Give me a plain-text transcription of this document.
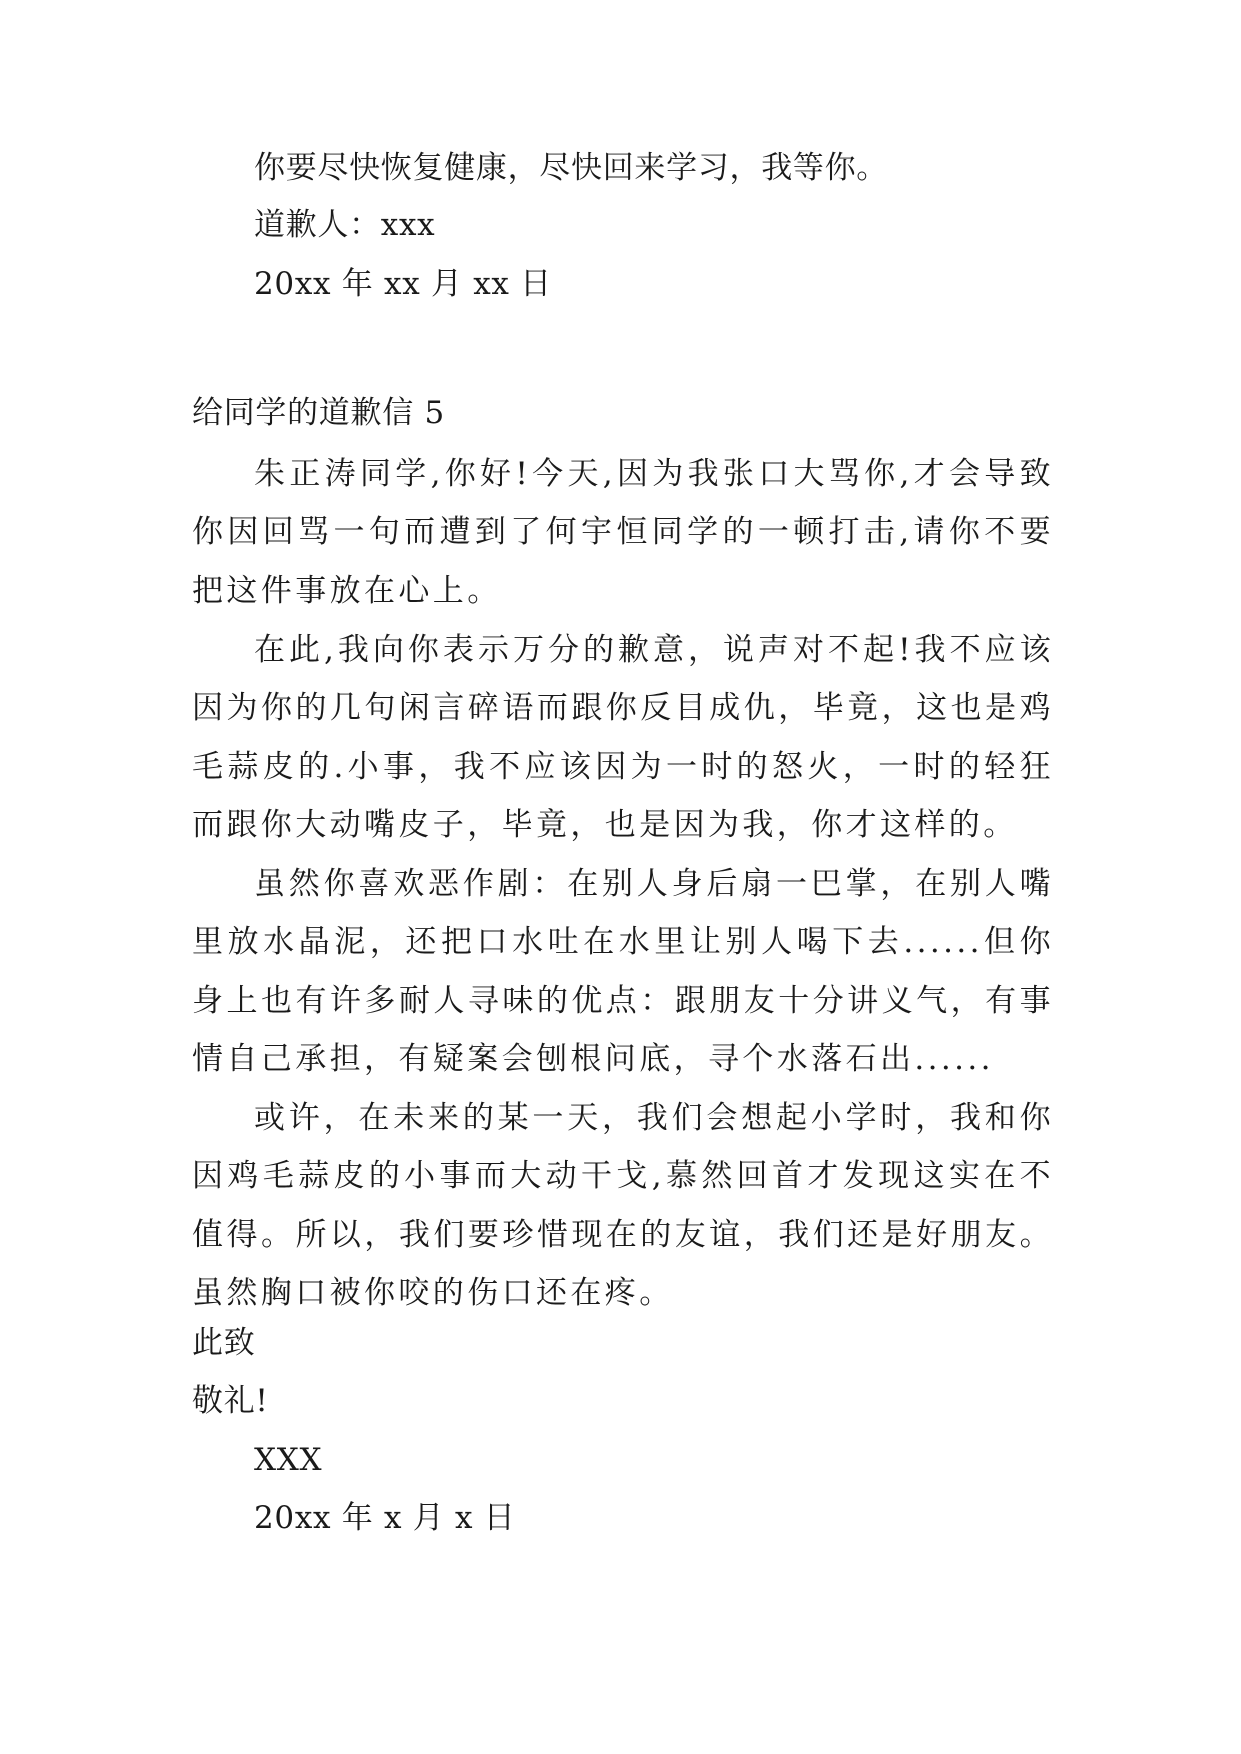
你要尽快恢复健康，尽快回来学习，我等你。
道歉人：xxx
20xx 年 xx 月 xx 日
给同学的道歉信 5
朱正涛同学,你好!今天,因为我张口大骂你,才会导致你因回骂一句而遭到了何宇恒同学的一顿打击,请你不要把这件事放在心上。
在此,我向你表示万分的歉意，说声对不起!我不应该因为你的几句闲言碎语而跟你反目成仇，毕竟，这也是鸡毛蒜皮的.小事，我不应该因为一时的怒火，一时的轻狂而跟你大动嘴皮子，毕竟，也是因为我，你才这样的。
虽然你喜欢恶作剧：在别人身后扇一巴掌，在别人嘴里放水晶泥，还把口水吐在水里让别人喝下去......但你身上也有许多耐人寻味的优点：跟朋友十分讲义气，有事情自己承担，有疑案会刨根问底，寻个水落石出......
或许，在未来的某一天，我们会想起小学时，我和你因鸡毛蒜皮的小事而大动干戈,慕然回首才发现这实在不值得。所以，我们要珍惜现在的友谊，我们还是好朋友。虽然胸口被你咬的伤口还在疼。
此致
敬礼!
XXX
20xx 年 x 月 x 日
